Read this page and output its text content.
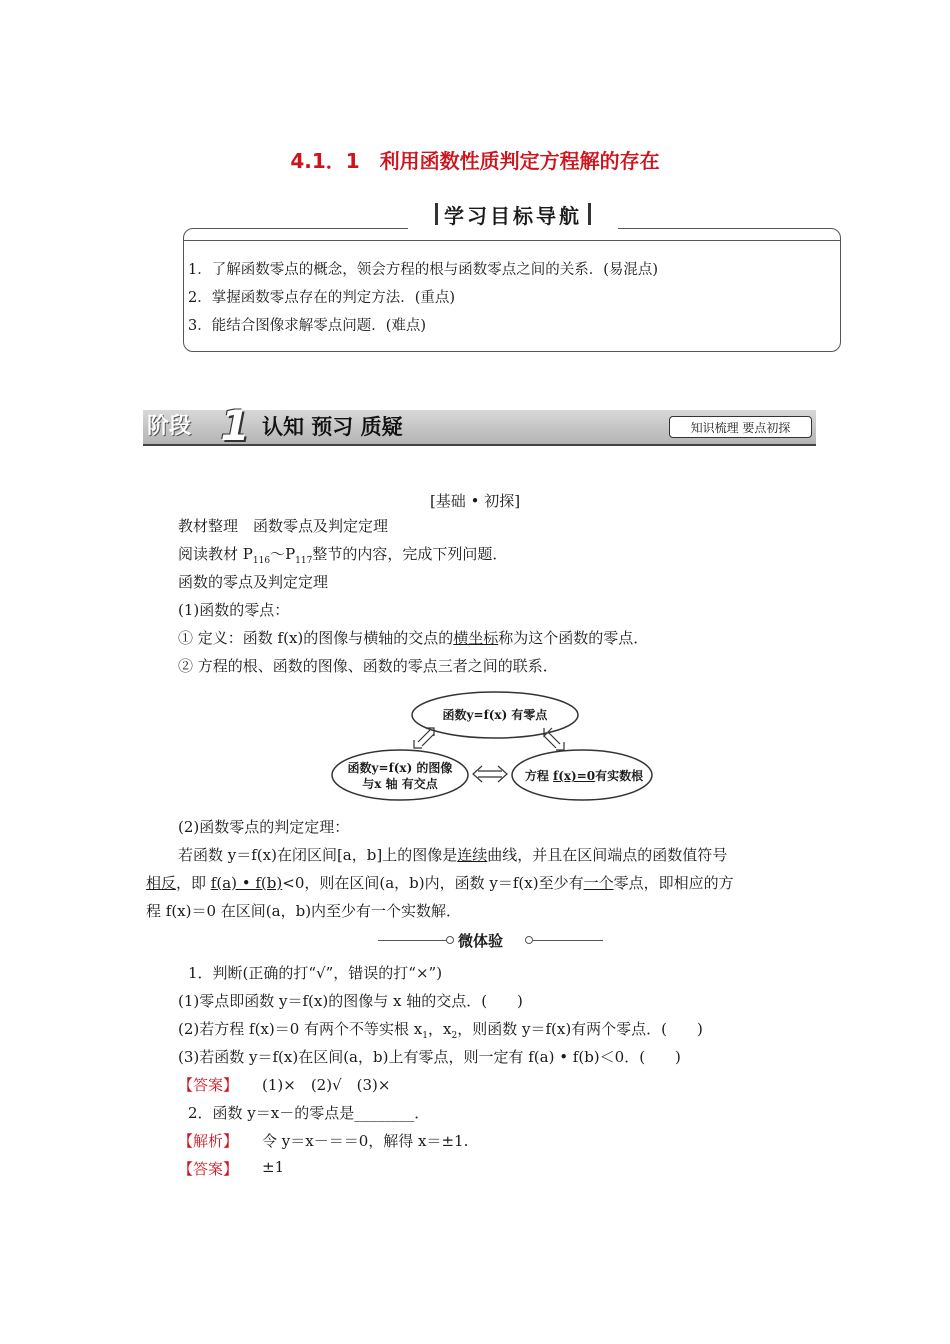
4.1．1　利用函数性质判定方程解的存在
学习目标导航
1．了解函数零点的概念，领会方程的根与函数零点之间的关系．(易混点)
2．掌握函数零点存在的判定方法．(重点)
3．能结合图像求解零点问题．(难点)
阶段 1 认知 预习 质疑	知识梳理 要点初探
[基础 • 初探]
教材整理　函数零点及判定定理
阅读教材 $P_{116}\sim P_{117}$整节的内容，完成下列问题．
函数的零点及判定定理
(1)函数的零点：
① 定义：函数 f(x)的图像与横轴的交点的横坐标称为这个函数的零点．
② 方程的根、函数的图像、函数的零点三者之间的联系．
函数y=f(x) 有零点
函数y=f(x) 的图像
与x 轴 有交点
方程 f(x)=0有实数根
(2)函数零点的判定定理：
若函数 y＝f(x)在闭区间[a，b]上的图像是连续曲线，并且在区间端点的函数值符号
相反，即 f(a) • f(b)<0，则在区间(a，b)内，函数 y＝f(x)至少有一个零点，即相应的方
程 f(x)＝0 在区间(a，b)内至少有一个实数解．
微体验
1．判断(正确的打“√”，错误的打“×”)
(1)零点即函数 y＝f(x)的图像与 x 轴的交点．(　　)
(2)若方程 f(x)＝0 有两个不等实根 $x_1$，$x_2$，则函数 y＝f(x)有两个零点．(　　)
(3)若函数 y＝f(x)在区间(a，b)上有零点，则一定有 f(a) • f(b)＜0．(　　)
【答案】 (1)×　(2)√　(3)×
2．函数 y＝x－的零点是________．
【解析】 令 y＝x－＝＝0，解得 x＝±1.
【答案】 ±1
